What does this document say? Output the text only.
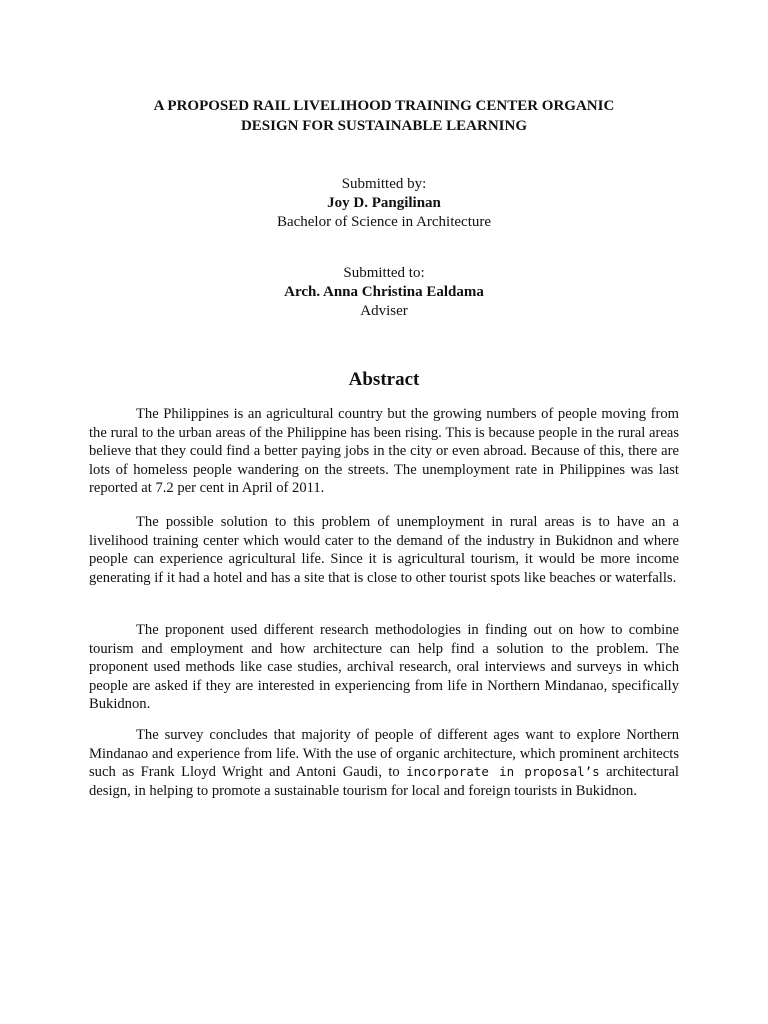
A PROPOSED RAIL LIVELIHOOD TRAINING CENTER ORGANIC
DESIGN FOR SUSTAINABLE LEARNING
Submitted by:
Joy D. Pangilinan
Bachelor of Science in Architecture
Submitted to:
Arch. Anna Christina Ealdama
Adviser
Abstract

The Philippines is an agricultural country but the growing numbers of people moving from the rural to the urban areas of the Philippine has been rising. This is because people in the rural areas believe that they could find a better paying jobs in the city or even abroad. Because of this, there are lots of homeless people wandering on the streets. The unemployment rate in Philippines was last reported at 7.2 per cent in April of 2011.

The possible solution to this problem of unemployment in rural areas is to have an a livelihood training center which would cater to the demand of the industry in Bukidnon and where people can experience agricultural life. Since it is agricultural tourism, it would be more income generating if it had a hotel and has a site that is close to other tourist spots like beaches or waterfalls.

The proponent used different research methodologies in finding out on how to combine tourism and employment and how architecture can help find a solution to the problem. The proponent used methods like case studies, archival research, oral interviews and surveys in which people are asked if they are interested in experiencing from life in Northern Mindanao, specifically Bukidnon.

The survey concludes that majority of people of different ages want to explore Northern Mindanao and experience from life. With the use of organic architecture, which prominent architects such as Frank Lloyd Wright and Antoni Gaudi, to incorporate in proposal’s architectural design, in helping to promote a sustainable tourism for local and foreign tourists in Bukidnon.
